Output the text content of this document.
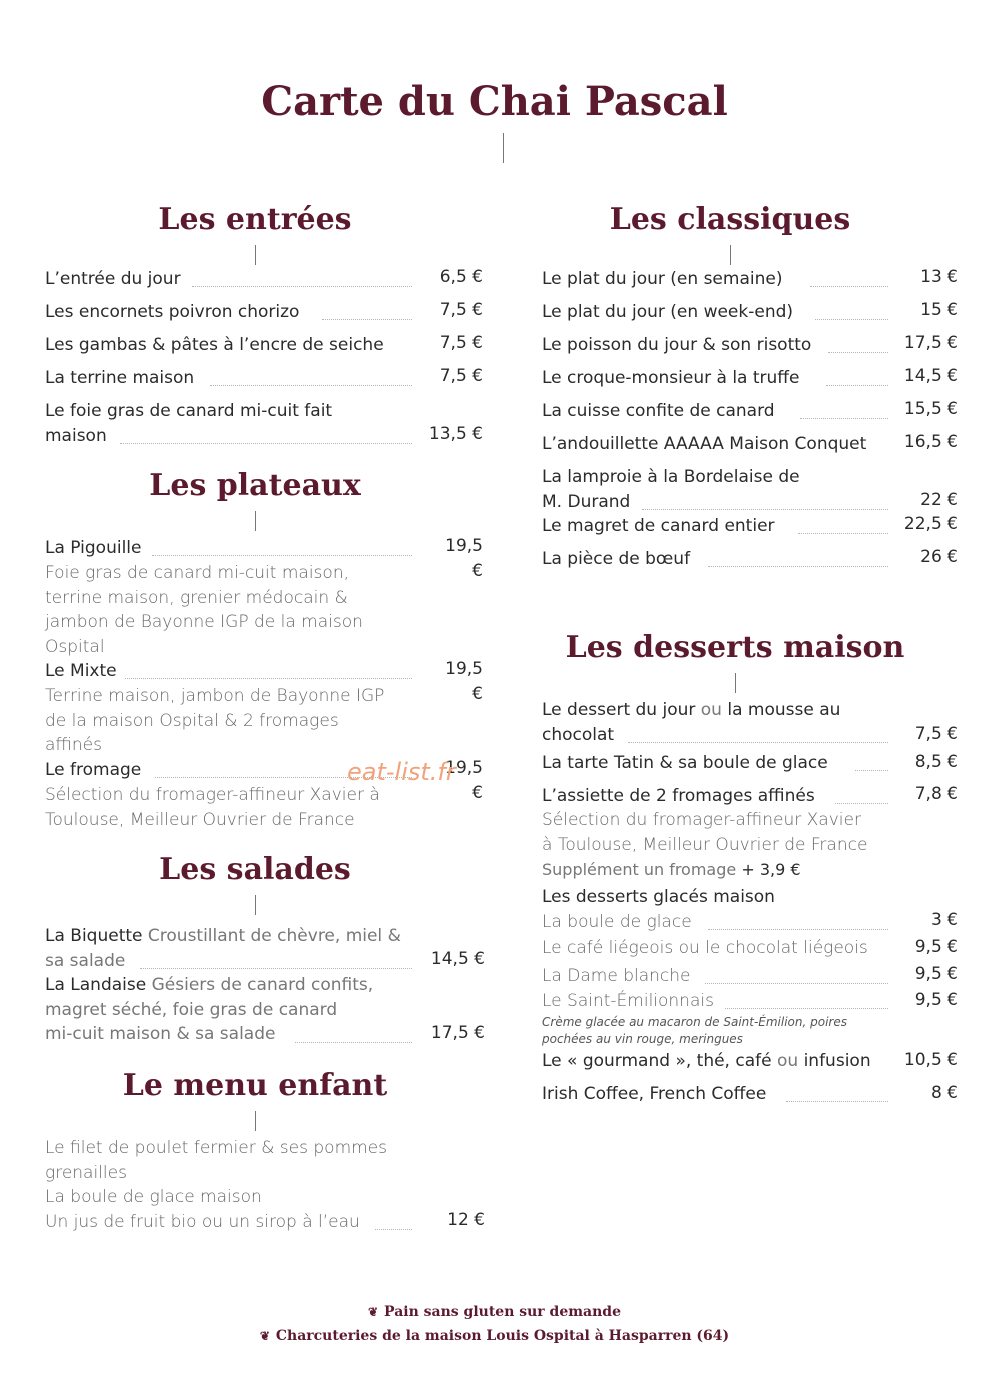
Carte du Chai Pascal
Les entrées
L’entrée du jour	6,5 €
Les encornets poivron chorizo	7,5 €
Les gambas & pâtes à l’encre de seiche	7,5 €
La terrine maison	7,5 €
Le foie gras de canard mi-cuit fait
maison	13,5 €
Les plateaux
La Pigouille	19,5
€
Foie gras de canard mi-cuit maison,
terrine maison, grenier médocain &
jambon de Bayonne IGP de la maison
Ospital
Le Mixte	19,5
€
Terrine maison, jambon de Bayonne IGP
de la maison Ospital & 2 fromages
affinés
Le fromage	19,5
€
Sélection du fromager-affineur Xavier à
Toulouse, Meilleur Ouvrier de France
eat-list.fr
Les salades
La Biquette Croustillant de chèvre, miel &
sa salade	14,5 €
La Landaise Gésiers de canard confits,
magret séché, foie gras de canard
mi-cuit maison & sa salade	17,5 €
Le menu enfant
Le filet de poulet fermier & ses pommes
grenailles
La boule de glace maison
Un jus de fruit bio ou un sirop à l’eau	12 €
Les classiques
Le plat du jour (en semaine)	13 €
Le plat du jour (en week-end)	15 €
Le poisson du jour & son risotto	17,5 €
Le croque-monsieur à la truffe	14,5 €
La cuisse confite de canard	15,5 €
L’andouillette AAAAA Maison Conquet	16,5 €
La lamproie à la Bordelaise de
M. Durand	22 €
Le magret de canard entier	22,5 €
La pièce de bœuf	26 €
Les desserts maison
Le dessert du jour ou la mousse au
chocolat	7,5 €
La tarte Tatin & sa boule de glace	8,5 €
L’assiette de 2 fromages affinés	7,8 €
Sélection du fromager-affineur Xavier
à Toulouse, Meilleur Ouvrier de France
Supplément un fromage + 3,9 €
Les desserts glacés maison
La boule de glace	3 €
Le café liégeois ou le chocolat liégeois	9,5 €
La Dame blanche	9,5 €
Le Saint-Émilionnais	9,5 €
Crème glacée au macaron de Saint-Émilion, poires
pochées au vin rouge, meringues
Le « gourmand », thé, café ou infusion	10,5 €
Irish Coffee, French Coffee	8 €
❦ Pain sans gluten sur demande
❦ Charcuteries de la maison Louis Ospital à Hasparren (64)
